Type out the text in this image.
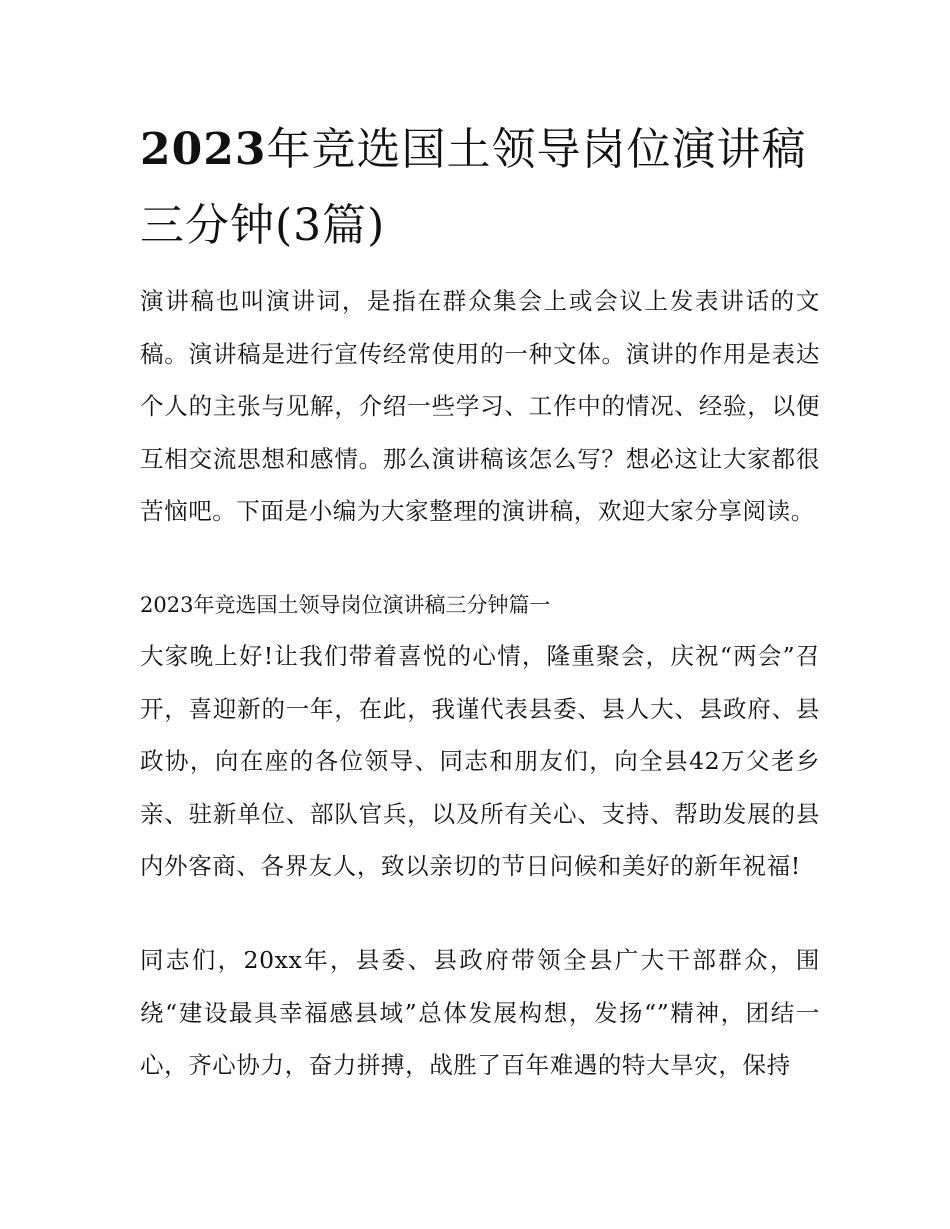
2023年竞选国土领导岗位演讲稿三分钟(3篇)

演讲稿也叫演讲词，是指在群众集会上或会议上发表讲话的文稿。演讲稿是进行宣传经常使用的一种文体。演讲的作用是表达个人的主张与见解，介绍一些学习、工作中的情况、经验，以便互相交流思想和感情。那么演讲稿该怎么写？想必这让大家都很苦恼吧。下面是小编为大家整理的演讲稿，欢迎大家分享阅读。

2023年竞选国土领导岗位演讲稿三分钟篇一

大家晚上好!让我们带着喜悦的心情，隆重聚会，庆祝“两会”召开，喜迎新的一年，在此，我谨代表县委、县人大、县政府、县政协，向在座的各位领导、同志和朋友们，向全县42万父老乡亲、驻新单位、部队官兵，以及所有关心、支持、帮助发展的县内外客商、各界友人，致以亲切的节日问候和美好的新年祝福!

同志们，20xx年，县委、县政府带领全县广大干部群众，围绕“建设最具幸福感县域”总体发展构想，发扬“”精神，团结一心，齐心协力，奋力拼搏，战胜了百年难遇的特大旱灾，保持
